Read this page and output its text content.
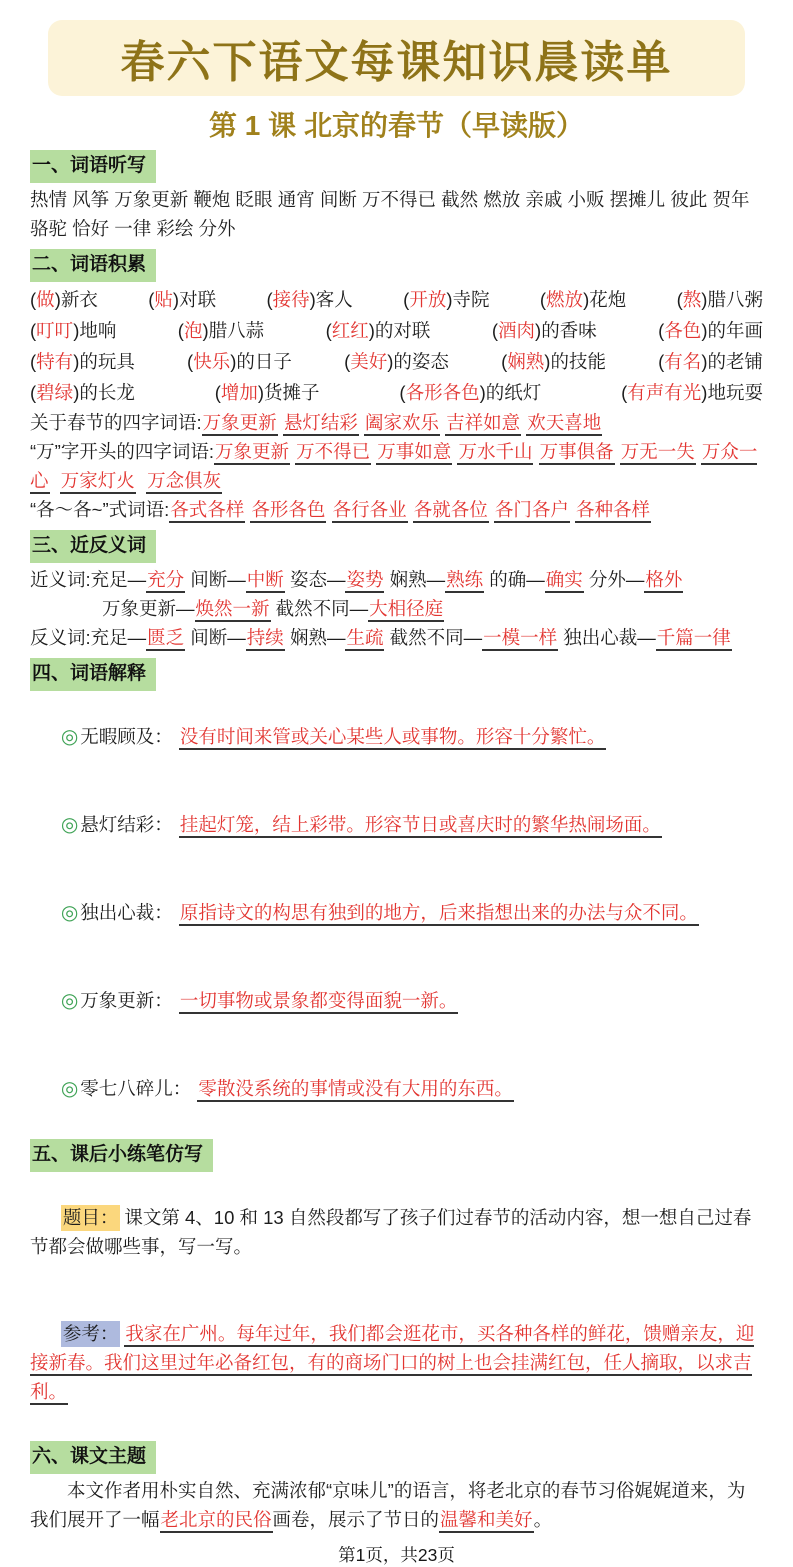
春六下语文每课知识晨读单
第 1 课 北京的春节（早读版）
一、词语听写

热情 风筝 万象更新 鞭炮 眨眼 通宵 间断 万不得已 截然 燃放 亲戚 小贩 摆摊儿 彼此 贺年 骆驼 恰好 一律 彩绘 分外

二、词语积累
(做)新衣	(贴)对联	(接待)客人	(开放)寺院	(燃放)花炮	(熬)腊八粥
(叮叮)地响	(泡)腊八蒜	(红红)的对联	(酒肉)的香味	(各色)的年画
(特有)的玩具	(快乐)的日子	(美好)的姿态	(娴熟)的技能	(有名)的老铺
(碧绿)的长龙	(增加)货摊子	(各形各色)的纸灯	(有声有光)地玩耍

关于春节的四字词语:万象更新 悬灯结彩 阖家欢乐 吉祥如意 欢天喜地

“万”字开头的四字词语:万象更新 万不得已 万事如意 万水千山 万事俱备 万无一失 万众一心 万家灯火 万念俱灰

“各～各~”式词语:各式各样 各形各色 各行各业 各就各位 各门各户 各种各样

三、近反义词

近义词:充足—充分 间断—中断 姿态—姿势 娴熟—熟练 的确—确实 分外—格外

万象更新—焕然一新 截然不同—大相径庭

反义词:充足—匮乏 间断—持续 娴熟—生疏 截然不同—一模一样 独出心裁—千篇一律

四、词语解释

◎ 无暇顾及： 没有时间来管或关心某些人或事物。形容十分繁忙。

◎ 悬灯结彩： 挂起灯笼，结上彩带。形容节日或喜庆时的繁华热闹场面。

◎ 独出心裁： 原指诗文的构思有独到的地方，后来指想出来的办法与众不同。

◎ 万象更新： 一切事物或景象都变得面貌一新。

◎ 零七八碎儿： 零散没系统的事情或没有大用的东西。

五、课后小练笔仿写

题目： 课文第 4、10 和 13 自然段都写了孩子们过春节的活动内容，想一想自己过春节都会做哪些事，写一写。

参考： 我家在广州。每年过年，我们都会逛花市，买各种各样的鲜花，馈赠亲友，迎接新春。我们这里过年必备红包，有的商场门口的树上也会挂满红包，任人摘取，以求吉利。

六、课文主题

本文作者用朴实自然、充满浓郁“京味儿”的语言，将老北京的春节习俗娓娓道来，为我们展开了一幅老北京的民俗画卷，展示了节日的温馨和美好。

第1页，共23页
